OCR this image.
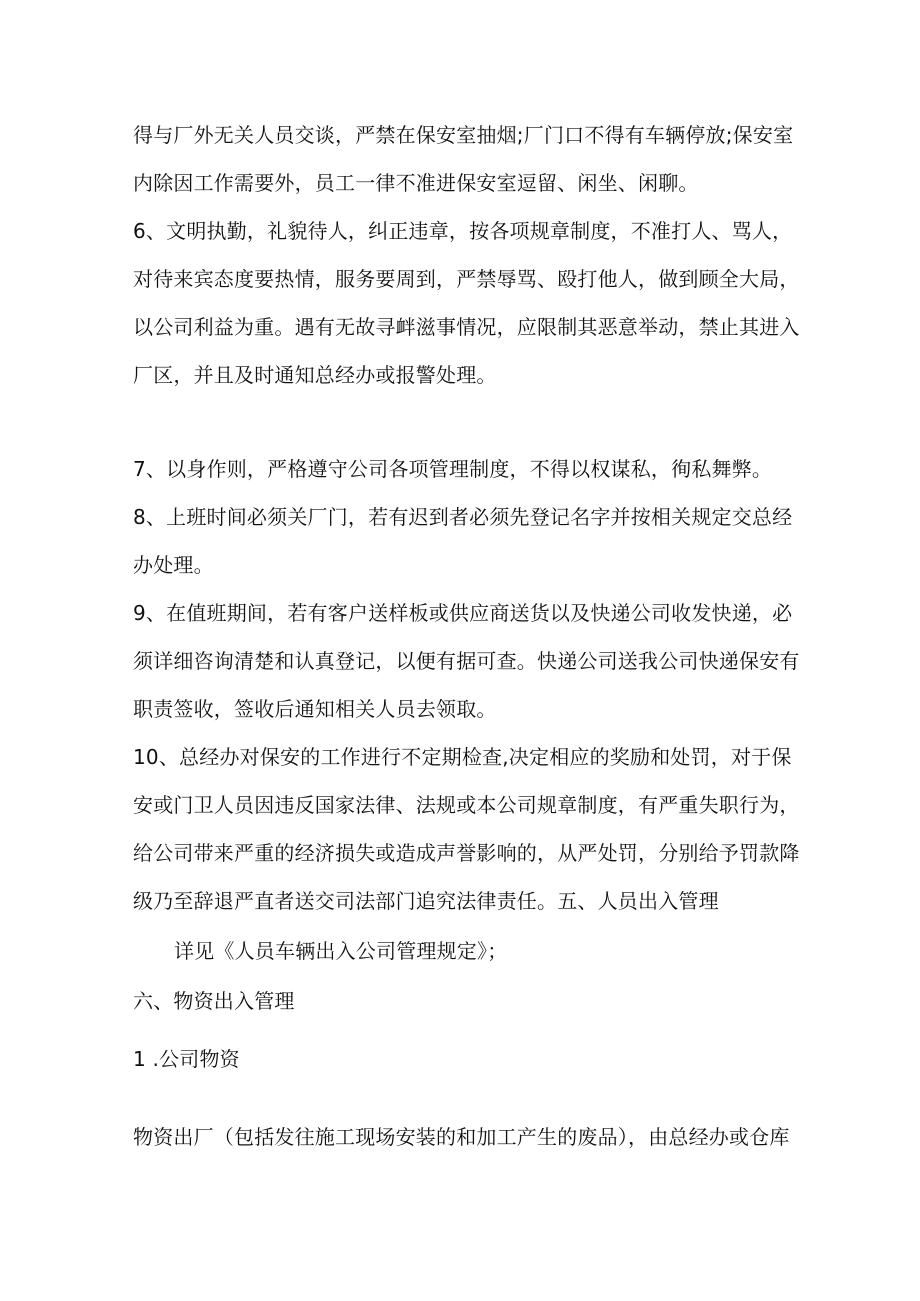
得与厂外无关人员交谈，严禁在保安室抽烟;厂门口不得有车辆停放;保安室
内除因工作需要外，员工一律不准进保安室逗留、闲坐、闲聊。
6、文明执勤，礼貌待人，纠正违章，按各项规章制度，不准打人、骂人，
对待来宾态度要热情，服务要周到，严禁辱骂、殴打他人，做到顾全大局，
以公司利益为重。遇有无故寻衅滋事情况，应限制其恶意举动，禁止其进入
厂区，并且及时通知总经办或报警处理。
7、以身作则，严格遵守公司各项管理制度，不得以权谋私，徇私舞弊。
8、上班时间必须关厂门，若有迟到者必须先登记名字并按相关规定交总经
办处理。
9、在值班期间，若有客户送样板或供应商送货以及快递公司收发快递，必
须详细咨询清楚和认真登记，以便有据可查。快递公司送我公司快递保安有
职责签收，签收后通知相关人员去领取。
10、总经办对保安的工作进行不定期检查,决定相应的奖励和处罚，对于保
安或门卫人员因违反国家法律、法规或本公司规章制度，有严重失职行为，
给公司带来严重的经济损失或造成声誉影响的，从严处罚，分别给予罚款降
级乃至辞退严直者送交司法部门追究法律责任。五、人员出入管理
详见《人员车辆出入公司管理规定》；
六、物资出入管理
1 .公司物资
物资出厂（包括发往施工现场安装的和加工产生的废品），由总经办或仓库
